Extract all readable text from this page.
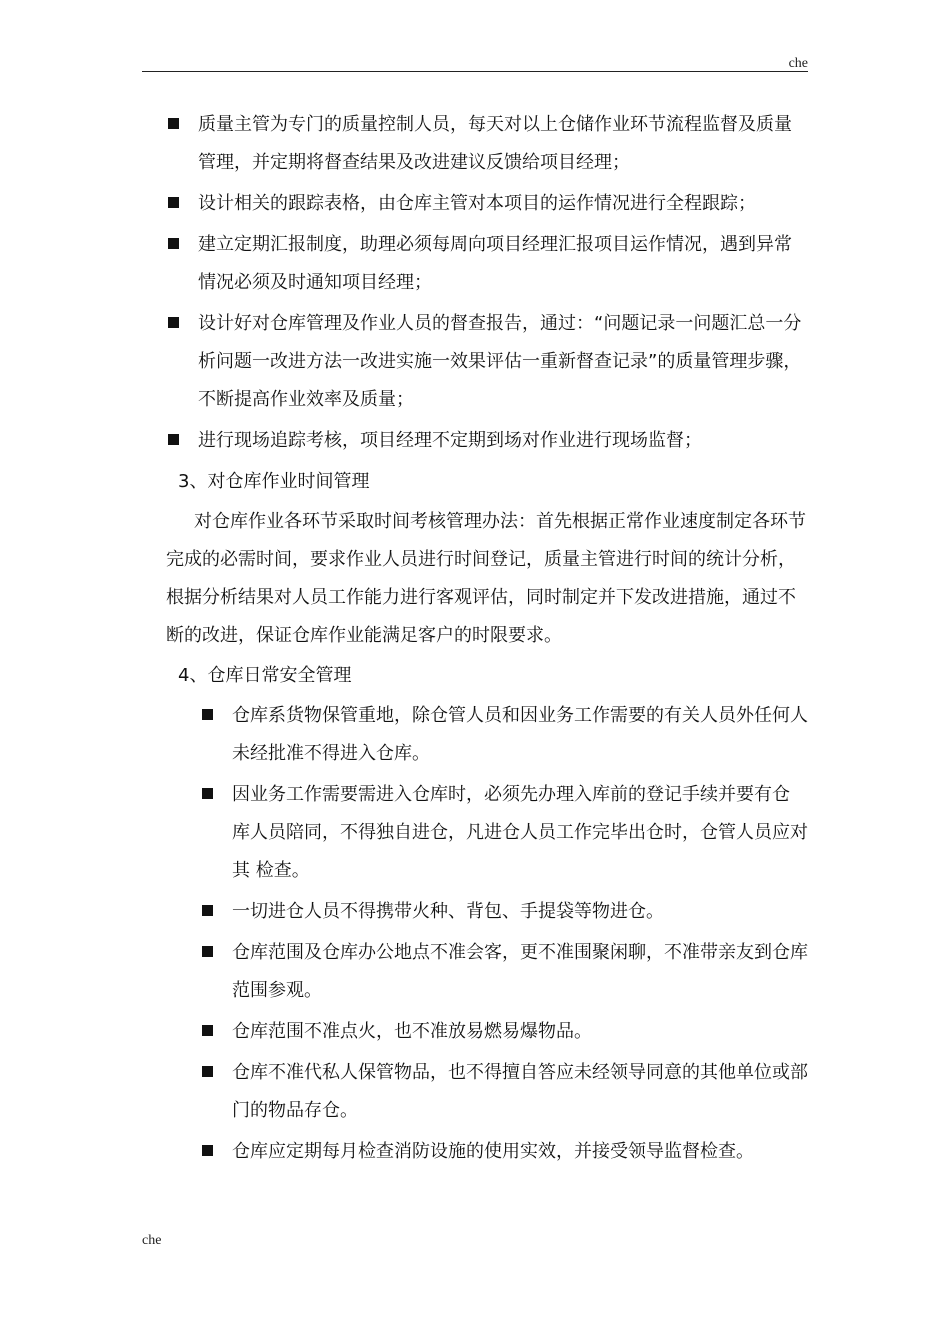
che
质量主管为专门的质量控制人员，每天对以上仓储作业环节流程监督及质量管理，并定期将督查结果及改进建议反馈给项目经理；
设计相关的跟踪表格，由仓库主管对本项目的运作情况进行全程跟踪；
建立定期汇报制度，助理必须每周向项目经理汇报项目运作情况，遇到异常情况必须及时通知项目经理；
设计好对仓库管理及作业人员的督查报告，通过：“问题记录一问题汇总一分析问题一改进方法一改进实施一效果评估一重新督查记录”的质量管理步骤，不断提高作业效率及质量；
进行现场追踪考核，项目经理不定期到场对作业进行现场监督；
3、对仓库作业时间管理

对仓库作业各环节采取时间考核管理办法：首先根据正常作业速度制定各环节完成的必需时间，要求作业人员进行时间登记，质量主管进行时间的统计分析，根据分析结果对人员工作能力进行客观评估，同时制定并下发改进措施，通过不断的改进，保证仓库作业能满足客户的时限要求。

4、仓库日常安全管理
仓库系货物保管重地，除仓管人员和因业务工作需要的有关人员外任何人 未经批准不得进入仓库。
因业务工作需要需进入仓库时，必须先办理入库前的登记手续并要有仓 库人员陪同，不得独自进仓，凡进仓人员工作完毕出仓时，仓管人员应对其 检查。
一切进仓人员不得携带火种、背包、手提袋等物进仓。
仓库范围及仓库办公地点不准会客，更不准围聚闲聊，不准带亲友到仓库范围参观。
仓库范围不准点火，也不准放易燃易爆物品。
仓库不准代私人保管物品，也不得擅自答应未经领导同意的其他单位或部门的物品存仓。
仓库应定期每月检查消防设施的使用实效，并接受领导监督检查。
che
